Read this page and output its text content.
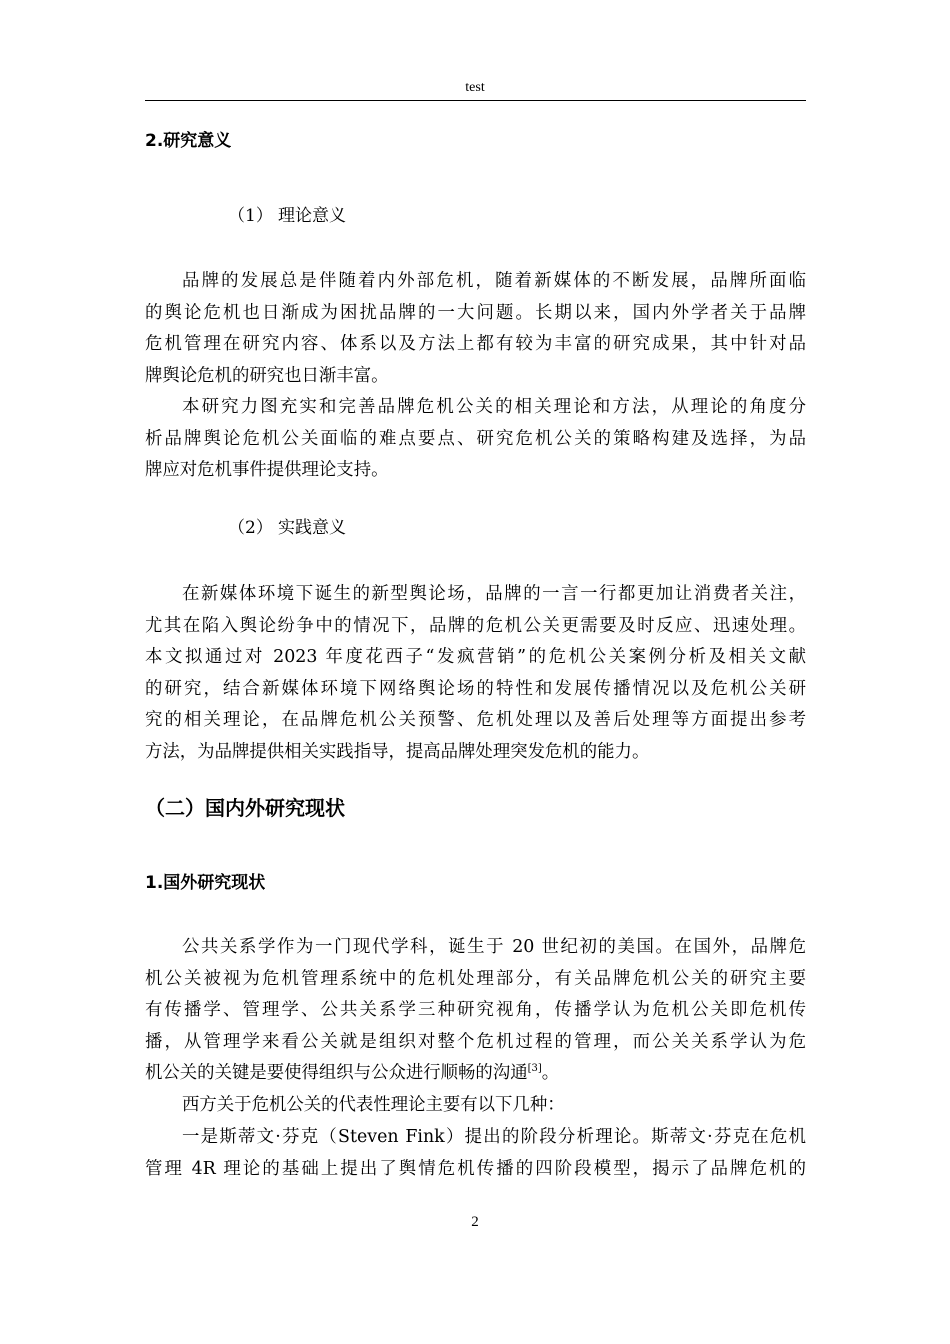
test
2.研究意义
（1） 理论意义
品牌的发展总是伴随着内外部危机，随着新媒体的不断发展，品牌所面临
的舆论危机也日渐成为困扰品牌的一大问题。长期以来，国内外学者关于品牌
危机管理在研究内容、体系以及方法上都有较为丰富的研究成果，其中针对品
牌舆论危机的研究也日渐丰富。
本研究力图充实和完善品牌危机公关的相关理论和方法，从理论的角度分
析品牌舆论危机公关面临的难点要点、研究危机公关的策略构建及选择，为品
牌应对危机事件提供理论支持。
（2） 实践意义
在新媒体环境下诞生的新型舆论场，品牌的一言一行都更加让消费者关注，
尤其在陷入舆论纷争中的情况下，品牌的危机公关更需要及时反应、迅速处理。
本文拟通过对 2023 年度花西子“发疯营销”的危机公关案例分析及相关文献
的研究，结合新媒体环境下网络舆论场的特性和发展传播情况以及危机公关研
究的相关理论，在品牌危机公关预警、危机处理以及善后处理等方面提出参考
方法，为品牌提供相关实践指导，提高品牌处理突发危机的能力。
（二）国内外研究现状
1.国外研究现状
公共关系学作为一门现代学科，诞生于 20 世纪初的美国。在国外，品牌危
机公关被视为危机管理系统中的危机处理部分，有关品牌危机公关的研究主要
有传播学、管理学、公共关系学三种研究视角，传播学认为危机公关即危机传
播，从管理学来看公关就是组织对整个危机过程的管理，而公关关系学认为危
机公关的关键是要使得组织与公众进行顺畅的沟通[3]。
西方关于危机公关的代表性理论主要有以下几种：
一是斯蒂文·芬克（Steven Fink）提出的阶段分析理论。斯蒂文·芬克在危机
管理 4R 理论的基础上提出了舆情危机传播的四阶段模型，揭示了品牌危机的
2
